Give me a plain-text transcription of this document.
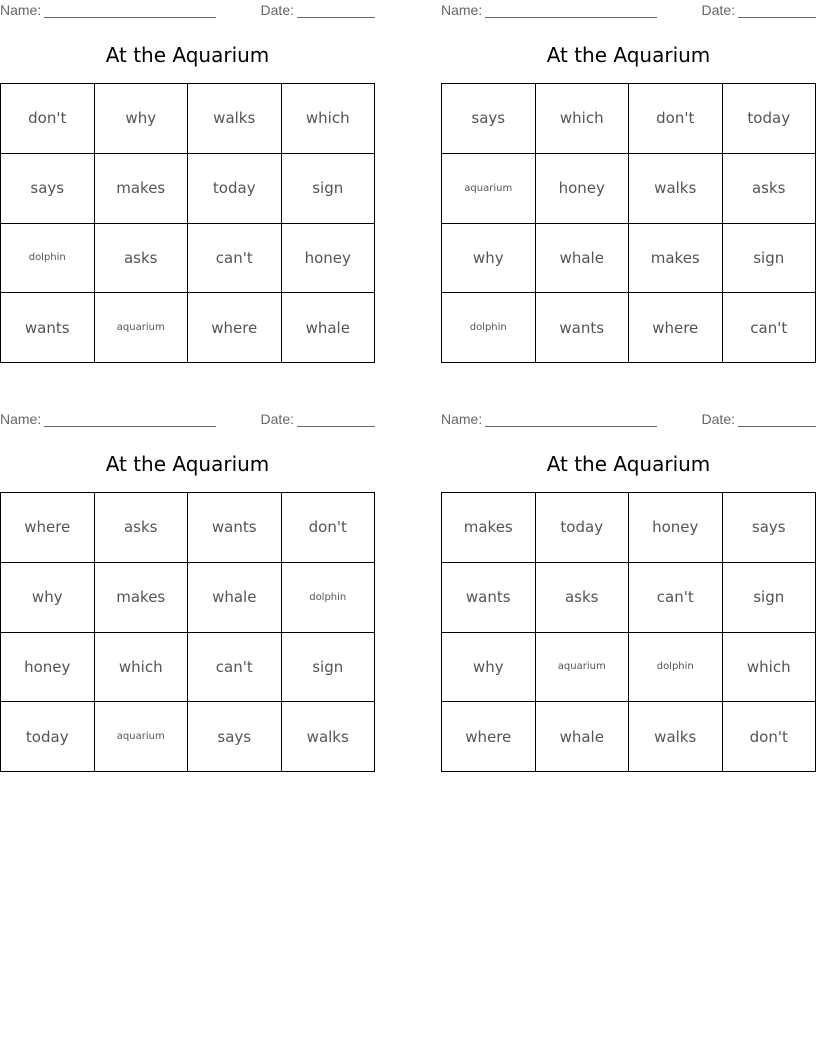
Name:	Date:
At the Aquarium
don't	why	walks	which
says	makes	today	sign
dolphin	asks	can't	honey
wants	aquarium	where	whale
Name:	Date:
At the Aquarium
says	which	don't	today
aquarium	honey	walks	asks
why	whale	makes	sign
dolphin	wants	where	can't
Name:	Date:
At the Aquarium
where	asks	wants	don't
why	makes	whale	dolphin
honey	which	can't	sign
today	aquarium	says	walks
Name:	Date:
At the Aquarium
makes	today	honey	says
wants	asks	can't	sign
why	aquarium	dolphin	which
where	whale	walks	don't
